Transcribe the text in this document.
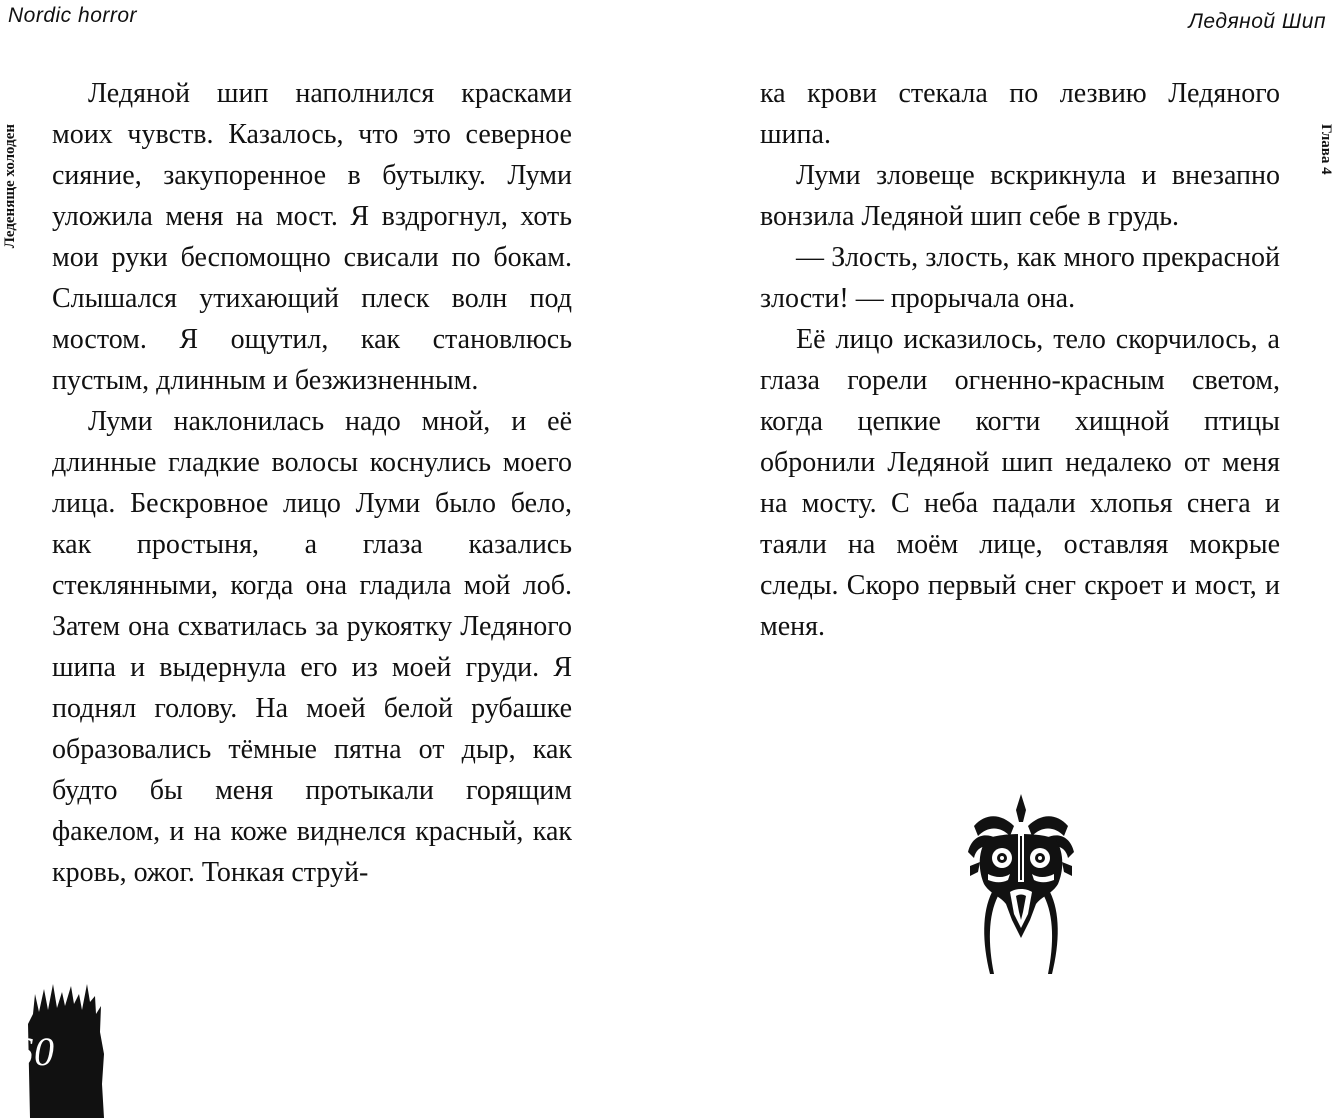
Nordic horror
Леденяще холоден

Ледяной шип наполнился красками моих чувств. Казалось, что это северное сияние, закупоренное в бутылку. Луми уложила меня на мост. Я вздрогнул, хоть мои руки беспомощно свисали по бокам. Слышался утихающий плеск волн под мостом. Я ощутил, как становлюсь пустым, длинным и безжизненным.

Луми наклонилась надо мной, и её длинные гладкие волосы коснулись моего лица. Бескровное лицо Луми было бело, как простыня, а глаза казались стеклянными, когда она гладила мой лоб. Затем она схватилась за рукоятку Ледяного шипа и выдернула его из моей груди. Я поднял голову. На моей белой рубашке образовались тёмные пятна от дыр, как будто бы меня протыкали горящим факелом, и на коже виднелся красный, как кровь, ожог. Тонкая струй-

60
Ледяной Шип
Глава 4

ка крови стекала по лезвию Ледяного шипа.

Луми зловеще вскрикнула и внезапно вонзила Ледяной шип себе в грудь.

— Злость, злость, как много прекрасной злости! — прорычала она.

Её лицо исказилось, тело скорчилось, а глаза горели огненно-красным светом, когда цепкие когти хищной птицы обронили Ледяной шип недалеко от меня на мосту. С неба падали хлопья снега и таяли на моём лице, оставляя мокрые следы. Скоро первый снег скроет и мост, и меня.
